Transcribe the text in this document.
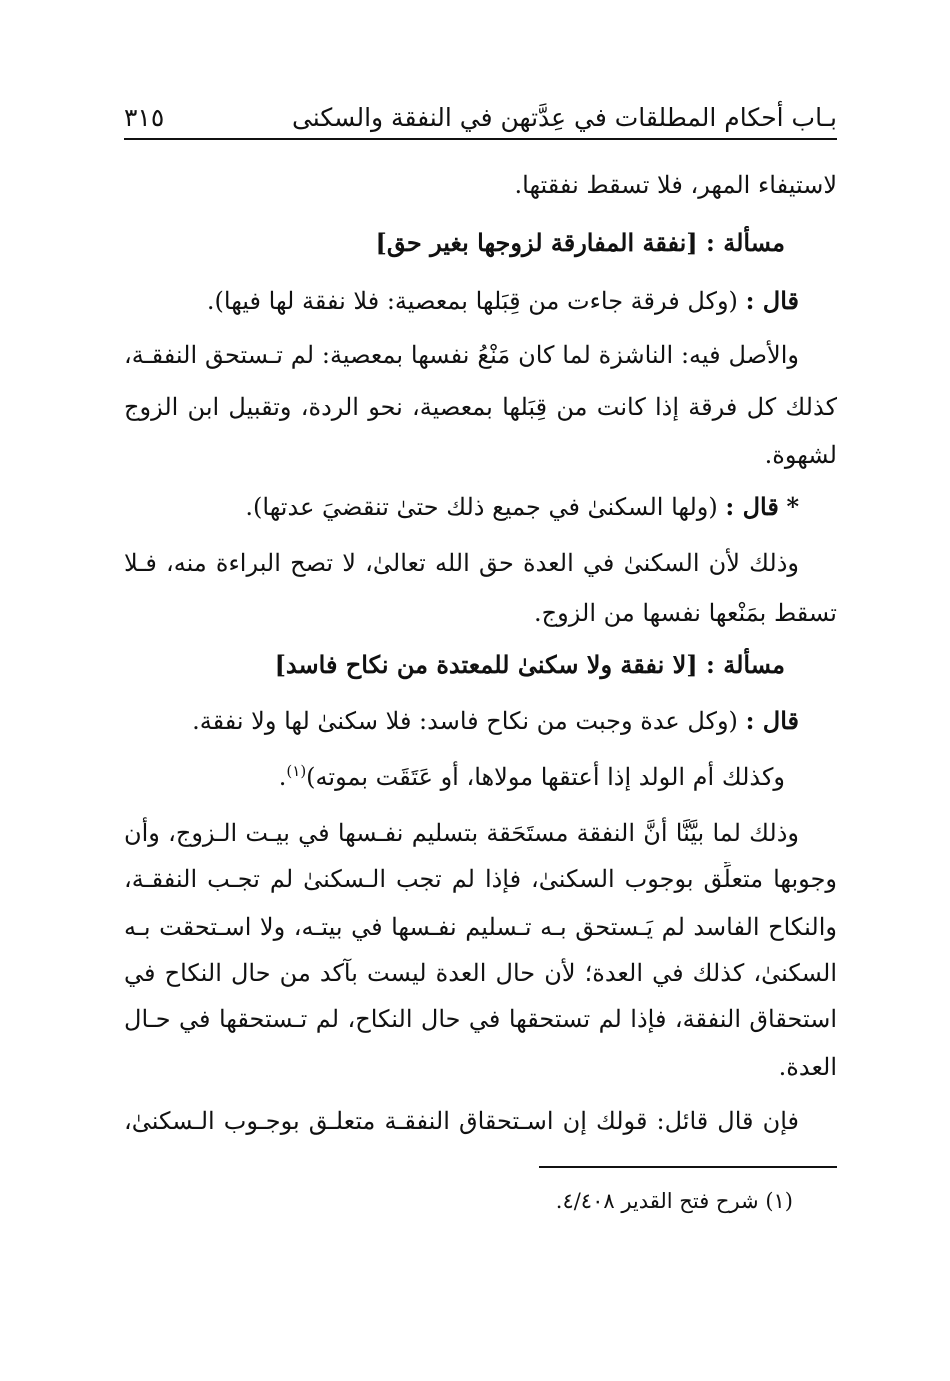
بـاب أحكام المطلقات في عِدَّتهن في النفقة والسكنى
٣١٥
لاستيفاء المهر، فلا تسقط نفقتها.
مسألة : [نفقة المفارقة لزوجها بغير حق]
قال : (وكل فرقة جاءت من قِبَلها بمعصية: فلا نفقة لها فيها).
والأصل فيه: الناشزة لما كان مَنْعُ نفسها بمعصية: لم تـستحق النفقـة،
كذلك كل فرقة إذا كانت من قِبَلها بمعصية، نحو الردة، وتقبيل ابن الزوج
لشهوة.
* قال : (ولها السكنىٰ في جميع ذلك حتىٰ تنقضيَ عدتها).
وذلك لأن السكنىٰ في العدة حق الله تعالىٰ، لا تصح البراءة منه، فـلا
تسقط بمَنْعها نفسها من الزوج.
مسألة : [لا نفقة ولا سكنىٰ للمعتدة من نكاح فاسد]
قال : (وكل عدة وجبت من نكاح فاسد: فلا سكنىٰ لها ولا نفقة.
وكذلك أم الولد إذا أعتقها مولاها، أو عَتَقَت بموته)$^{(١)}$.
وذلك لما بيَّنَّا أنَّ النفقة مستَحَقة بتسليم نفـسها في بيـت الـزوج، وأن
وجوبها متعلِّق بوجوب السكنىٰ، فإذا لم تجب الـسكنىٰ لم تجـب النفقـة،
والنكاح الفاسد لم يَـستحق بـه تـسليم نفـسها في بيتـه، ولا اسـتحقت بـه
السكنىٰ، كذلك في العدة؛ لأن حال العدة ليست بآكد من حال النكاح في
استحقاق النفقة، فإذا لم تستحقها في حال النكاح، لم تـستحقها في حـال
العدة.
فإن قال قائل: قولك إن اسـتحقاق النفقـة متعلـق بوجـوب الـسكنىٰ،
(١) شرح فتح القدير ٤/٤٠٨.
